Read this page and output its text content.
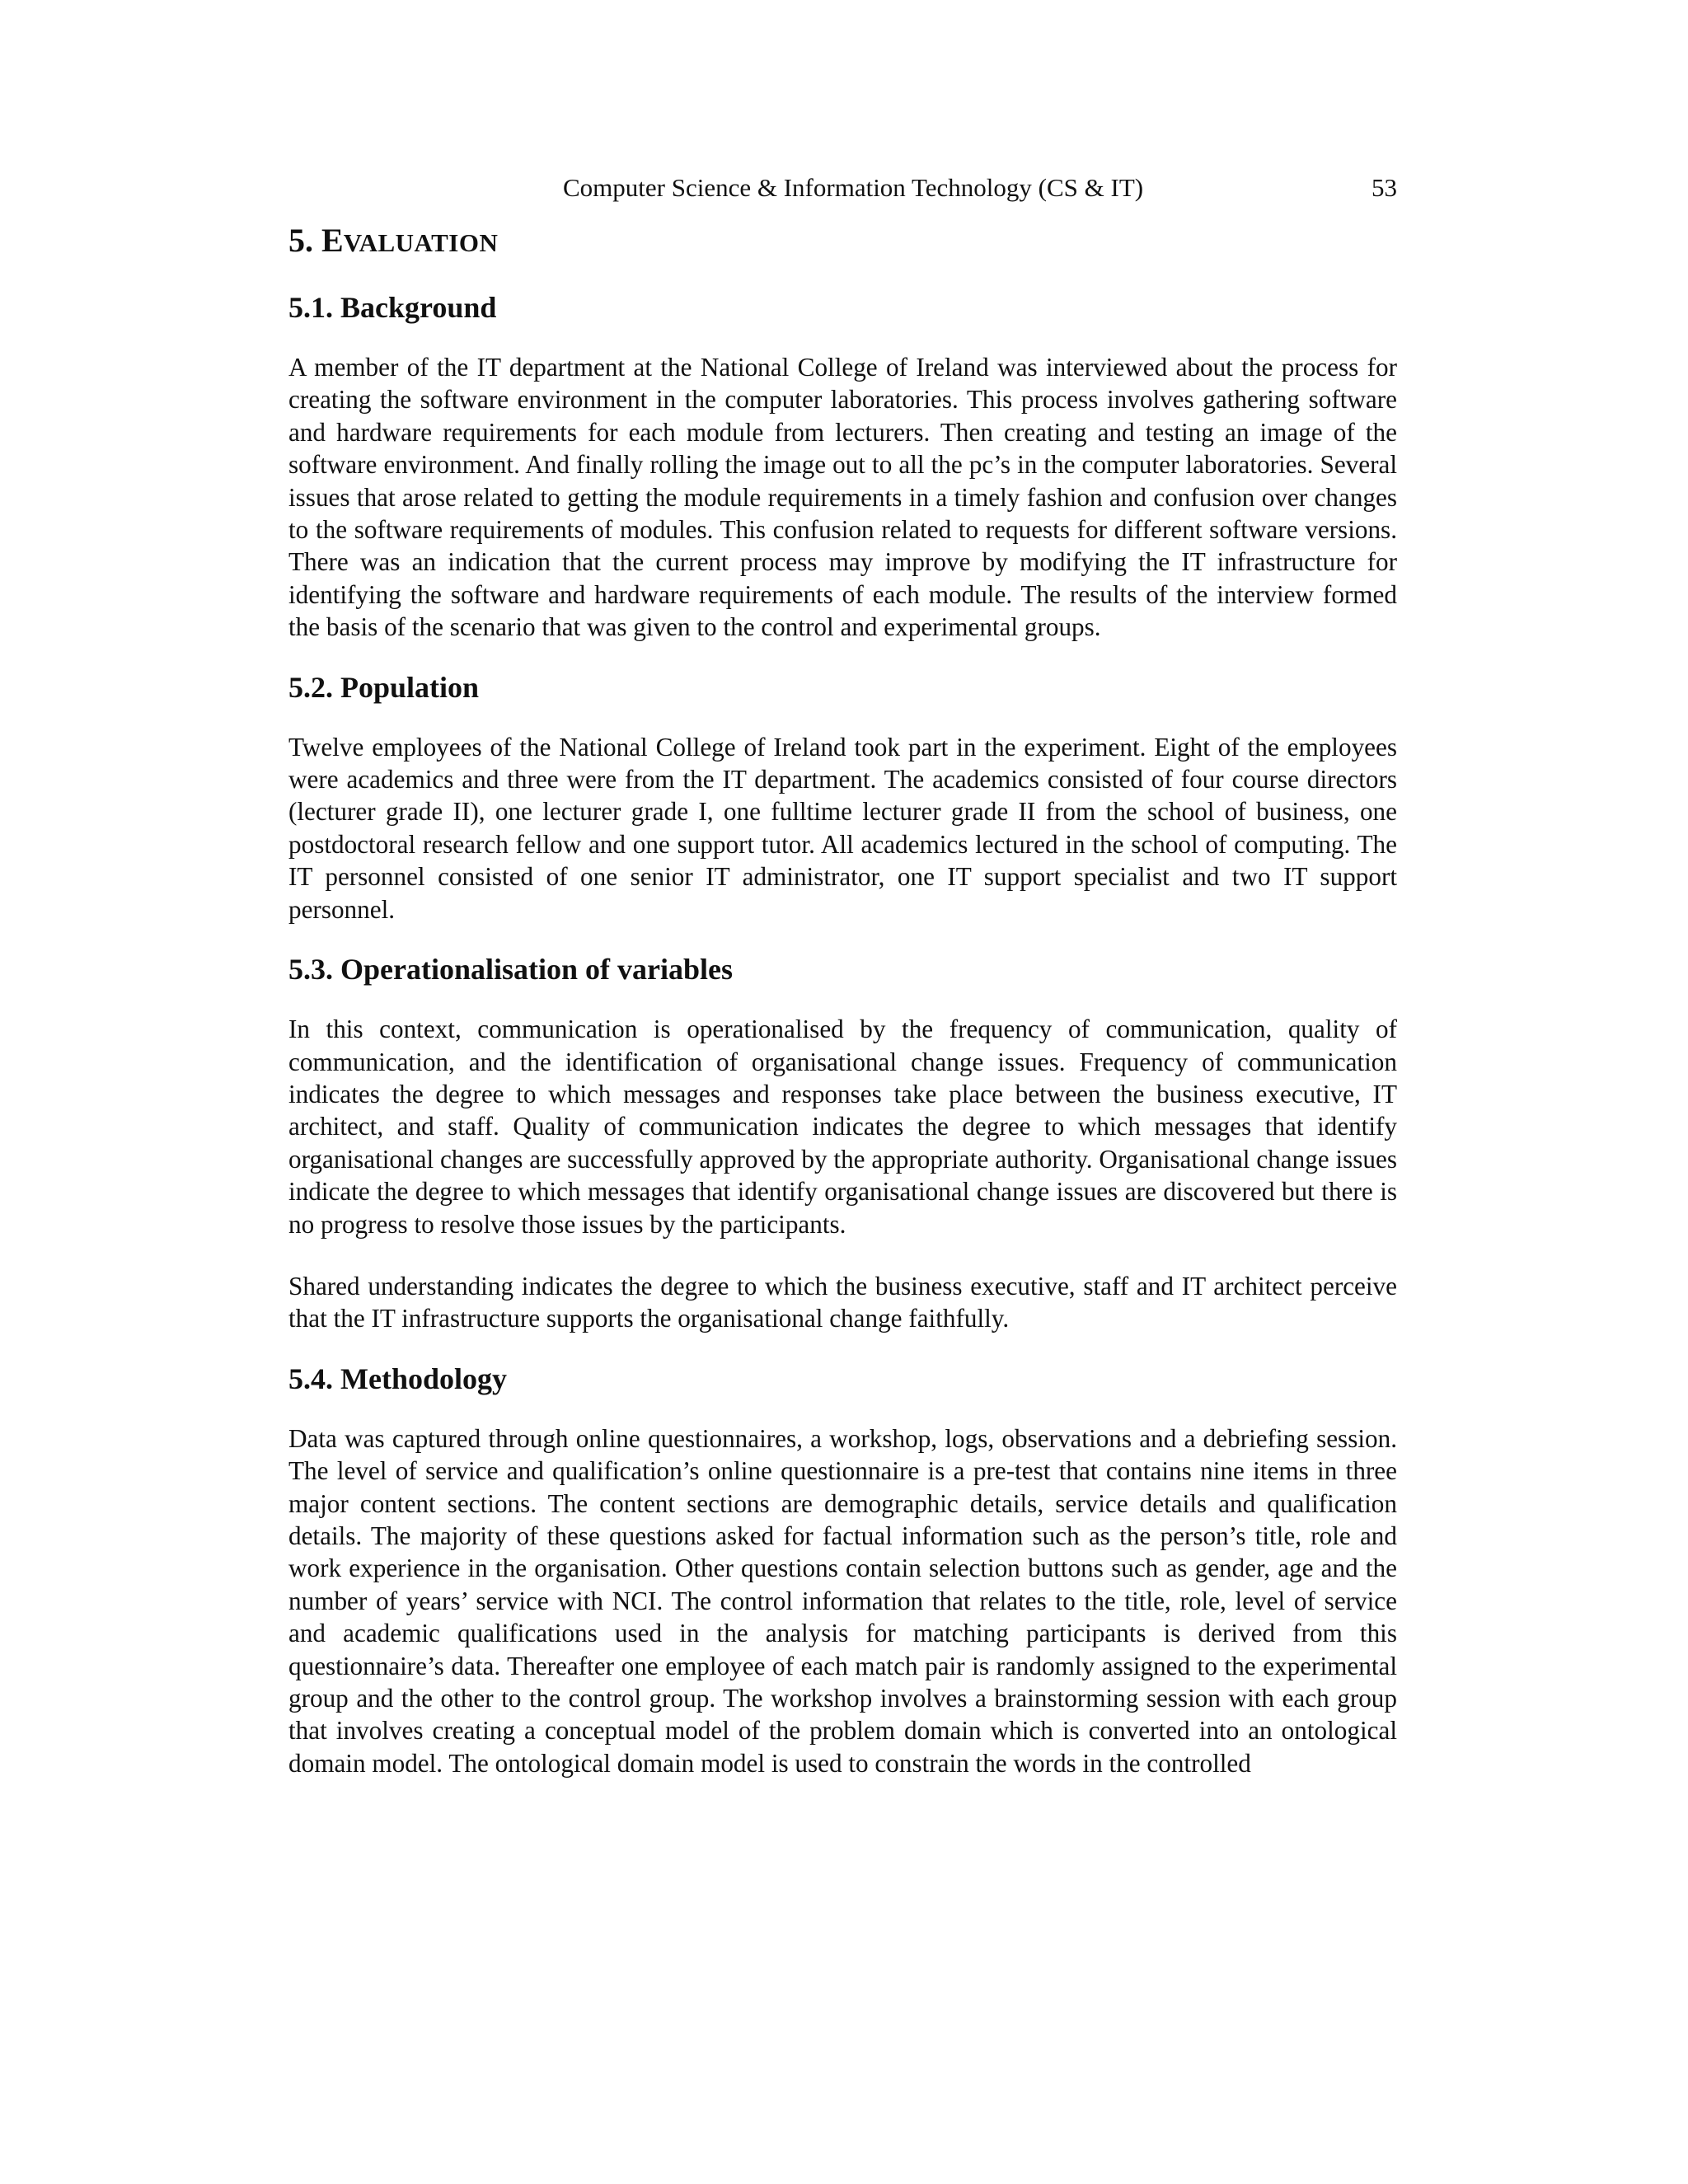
Computer Science & Information Technology (CS & IT)	53
5. EVALUATION
5.1. Background

A member of the IT department at the National College of Ireland was interviewed about the process for creating the software environment in the computer laboratories. This process involves gathering software and hardware requirements for each module from lecturers. Then creating and testing an image of the software environment. And finally rolling the image out to all the pc’s in the computer laboratories. Several issues that arose related to getting the module requirements in a timely fashion and confusion over changes to the software requirements of modules. This confusion related to requests for different software versions. There was an indication that the current process may improve by modifying the IT infrastructure for identifying the software and hardware requirements of each module. The results of the interview formed the basis of the scenario that was given to the control and experimental groups.

5.2. Population

Twelve employees of the National College of Ireland took part in the experiment. Eight of the employees were academics and three were from the IT department. The academics consisted of four course directors (lecturer grade II), one lecturer grade I, one fulltime lecturer grade II from the school of business, one postdoctoral research fellow and one support tutor. All academics lectured in the school of computing. The IT personnel consisted of one senior IT administrator, one IT support specialist and two IT support personnel.

5.3. Operationalisation of variables

In this context, communication is operationalised by the frequency of communication, quality of communication, and the identification of organisational change issues. Frequency of communication indicates the degree to which messages and responses take place between the business executive, IT architect, and staff. Quality of communication indicates the degree to which messages that identify organisational changes are successfully approved by the appropriate authority. Organisational change issues indicate the degree to which messages that identify organisational change issues are discovered but there is no progress to resolve those issues by the participants.

Shared understanding indicates the degree to which the business executive, staff and IT architect perceive that the IT infrastructure supports the organisational change faithfully.

5.4. Methodology

Data was captured through online questionnaires, a workshop, logs, observations and a debriefing session. The level of service and qualification’s online questionnaire is a pre-test that contains nine items in three major content sections. The content sections are demographic details, service details and qualification details. The majority of these questions asked for factual information such as the person’s title, role and work experience in the organisation. Other questions contain selection buttons such as gender, age and the number of years’ service with NCI. The control information that relates to the title, role, level of service and academic qualifications used in the analysis for matching participants is derived from this questionnaire’s data. Thereafter one employee of each match pair is randomly assigned to the experimental group and the other to the control group. The workshop involves a brainstorming session with each group that involves creating a conceptual model of the problem domain which is converted into an ontological domain model. The ontological domain model is used to constrain the words in the controlled
